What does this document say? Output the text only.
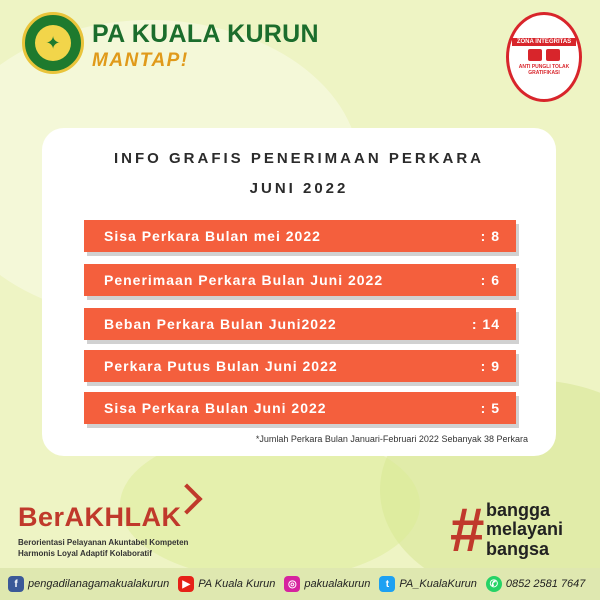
✦	PA KUALA KURUN
MANTAP!
ZONA INTEGRITAS
ANTI PUNGLI TOLAK GRATIFIKASI
INFO GRAFIS PENERIMAAN PERKARA
JUNI 2022
Sisa Perkara Bulan mei 2022	: 8
Penerimaan Perkara Bulan Juni 2022	: 6
Beban Perkara Bulan Juni2022	: 14
Perkara Putus Bulan Juni 2022	: 9
Sisa Perkara Bulan Juni 2022	: 5
*Jumlah Perkara Bulan Januari-Februari 2022 Sebanyak 38 Perkara
BerAKHLAK
Berorientasi Pelayanan Akuntabel Kompeten
Harmonis Loyal Adaptif Kolaboratif	# bangga
melayani
bangsa
f pengadilanagamakualakurun	▶ PA Kuala Kurun	◎ pakualakurun	t PA_KualaKurun	✆ 0852 2581 7647
